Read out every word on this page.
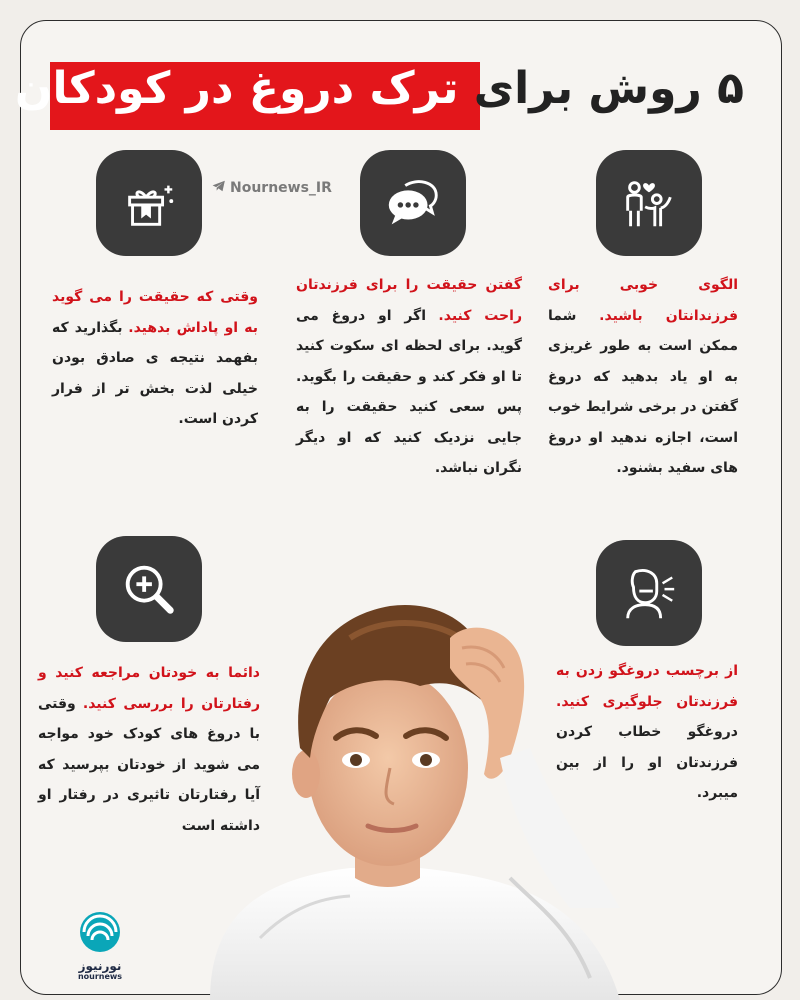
۵ روش برای ترک دروغ در کودکان
Nournews_IR
الگوی خوبی برای فرزندانتان باشید. شما ممکن است به طور غریزی به او یاد بدهید که دروغ گفتن در برخی شرایط خوب است، اجازه ندهید او دروغ های سفید بشنود.
گفتن حقیقت را برای فرزندتان راحت کنید. اگر او دروغ می گوید. برای لحظه ای سکوت کنید تا او فکر کند و حقیقت را بگوید. پس سعی کنید حقیقت را به جایی نزدیک کنید که او دیگر نگران نباشد.
وقتی که حقیقت را می گوید به او پاداش بدهید. بگذارید که بفهمد نتیجه ی صادق بودن خیلی لذت بخش تر از فرار کردن است.
از برچسب دروغگو زدن به فرزندتان جلوگیری کنید. دروغگو خطاب کردن فرزندتان او را از بین میبرد.
دائما به خودتان مراجعه کنید و رفتارتان را بررسی کنید. وقتی با دروغ های کودک خود مواجه می شوید از خودتان بپرسید که آیا رفتارتان تاثیری در رفتار او داشته است
نورنیوز
nournews
